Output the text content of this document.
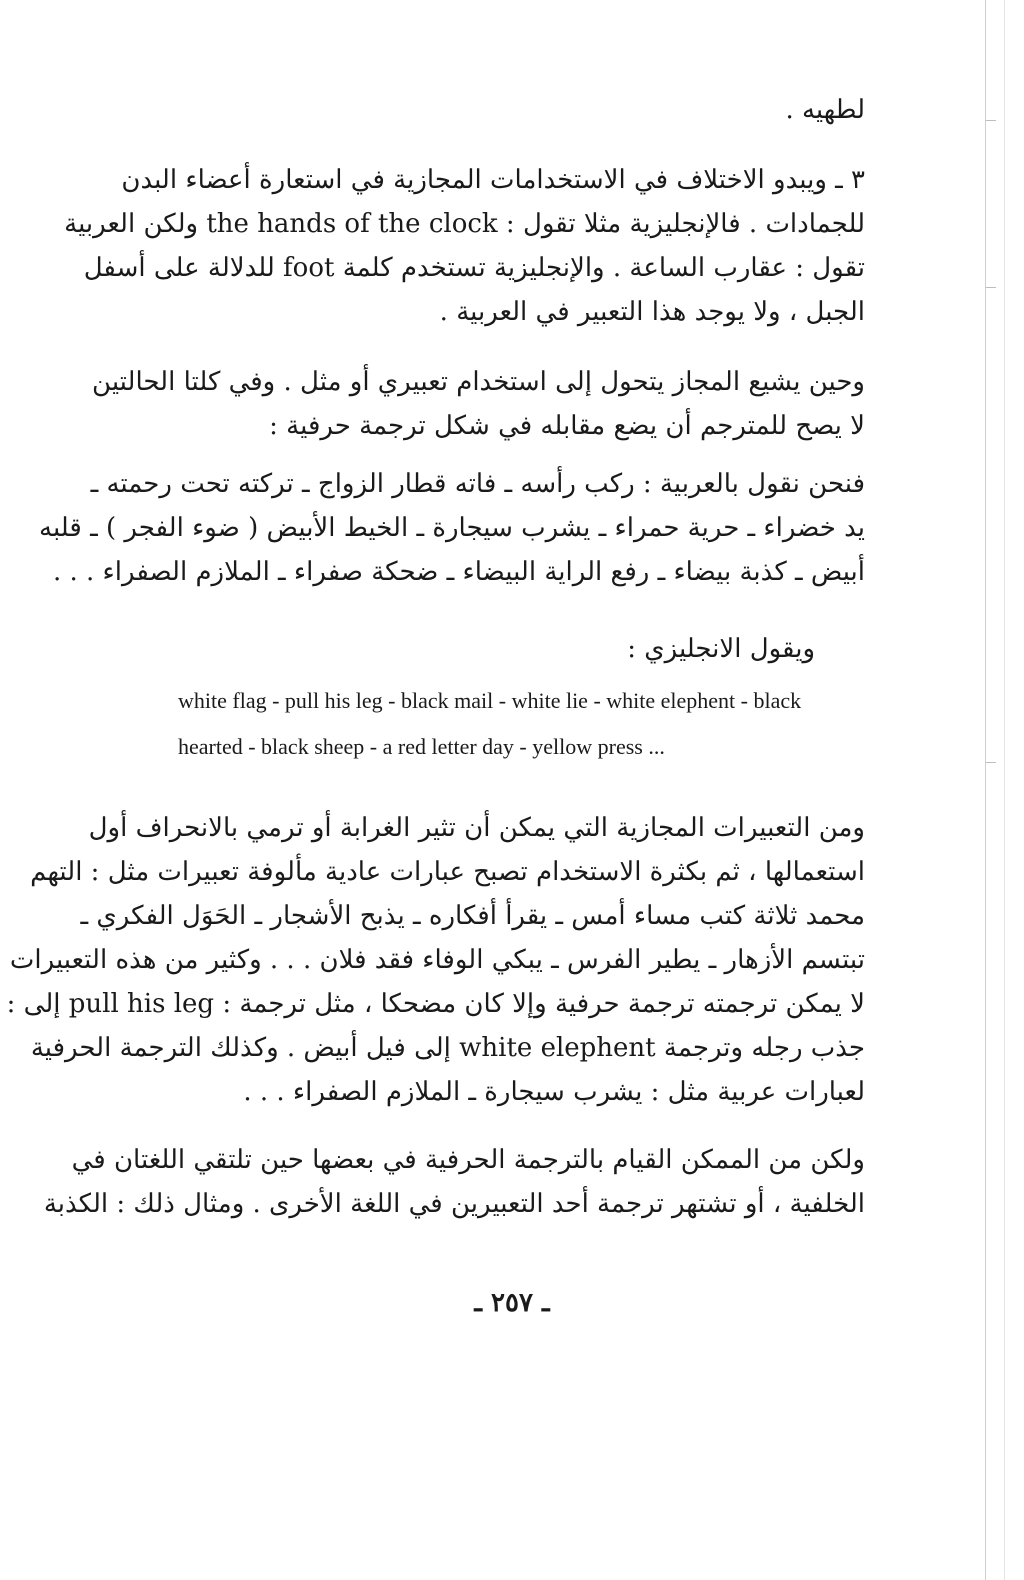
لطهيه .
٣ ـ ويبدو الاختلاف في الاستخدامات المجازية في استعارة أعضاء البدن
للجمادات . فالإنجليزية مثلا تقول : the hands of the clock ولكن العربية
تقول : عقارب الساعة . والإنجليزية تستخدم كلمة foot للدلالة على أسفل
الجبل ، ولا يوجد هذا التعبير في العربية .
وحين يشيع المجاز يتحول إلى استخدام تعبيري أو مثل . وفي كلتا الحالتين
لا يصح للمترجم أن يضع مقابله في شكل ترجمة حرفية :
فنحن نقول بالعربية : ركب رأسه ـ فاته قطار الزواج ـ تركته تحت رحمته ـ
يد خضراء ـ حرية حمراء ـ يشرب سيجارة ـ الخيط الأبيض ( ضوء الفجر ) ـ قلبه
أبيض ـ كذبة بيضاء ـ رفع الراية البيضاء ـ ضحكة صفراء ـ الملازم الصفراء . . .
ويقول الانجليزي :
white flag - pull his leg - black mail - white lie - white elephent - black
hearted - black sheep - a red letter day - yellow press ...
ومن التعبيرات المجازية التي يمكن أن تثير الغرابة أو ترمي بالانحراف أول
استعمالها ، ثم بكثرة الاستخدام تصبح عبارات عادية مألوفة تعبيرات مثل : التهم
محمد ثلاثة كتب مساء أمس ـ يقرأ أفكاره ـ يذبح الأشجار ـ الحَوَل الفكري ـ
تبتسم الأزهار ـ يطير الفرس ـ يبكي الوفاء فقد فلان . . . وكثير من هذه التعبيرات
لا يمكن ترجمته ترجمة حرفية وإلا كان مضحكا ، مثل ترجمة : pull his leg إلى :
جذب رجله وترجمة white elephent إلى فيل أبيض . وكذلك الترجمة الحرفية
لعبارات عربية مثل : يشرب سيجارة ـ الملازم الصفراء . . .
ولكن من الممكن القيام بالترجمة الحرفية في بعضها حين تلتقي اللغتان في
الخلفية ، أو تشتهر ترجمة أحد التعبيرين في اللغة الأخرى . ومثال ذلك : الكذبة
ـ ٢٥٧ ـ
